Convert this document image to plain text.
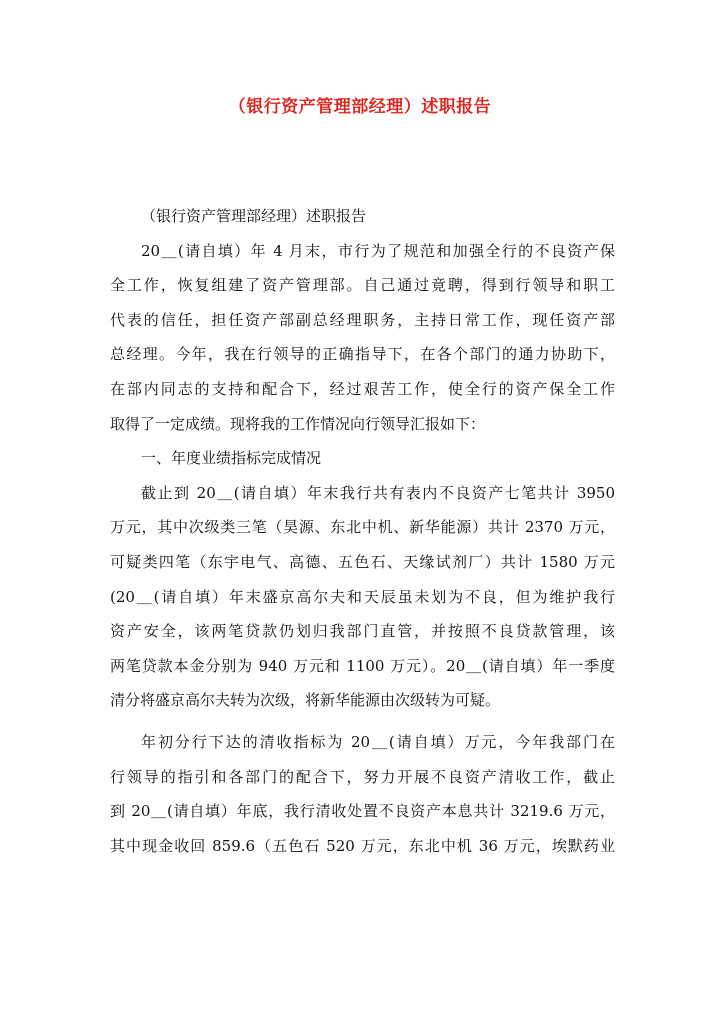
（银行资产管理部经理）述职报告
（银行资产管理部经理）述职报告
20＿(请自填）年 4 月末，市行为了规范和加强全行的不良资产保
全工作，恢复组建了资产管理部。自己通过竟聘，得到行领导和职工
代表的信任，担任资产部副总经理职务，主持日常工作，现任资产部
总经理。今年，我在行领导的正确指导下，在各个部门的通力协助下，
在部内同志的支持和配合下，经过艰苦工作，使全行的资产保全工作
取得了一定成绩。现将我的工作情况向行领导汇报如下：
一、年度业绩指标完成情况
截止到 20＿(请自填）年末我行共有表内不良资产七笔共计 3950
万元，其中次级类三笔（昊源、东北中机、新华能源）共计 2370 万元，
可疑类四笔（东宇电气、高德、五色石、天缘试剂厂）共计 1580 万元
(20＿(请自填）年末盛京高尔夫和天辰虽未划为不良，但为维护我行
资产安全，该两笔贷款仍划归我部门直管，并按照不良贷款管理，该
两笔贷款本金分别为 940 万元和 1100 万元）。20＿(请自填）年一季度
清分将盛京高尔夫转为次级，将新华能源由次级转为可疑。
年初分行下达的清收指标为 20＿(请自填）万元，今年我部门在
行领导的指引和各部门的配合下，努力开展不良资产清收工作，截止
到 20＿(请自填）年底，我行清收处置不良资产本息共计 3219.6 万元，
其中现金收回 859.6（五色石 520 万元，东北中机 36 万元，埃默药业
